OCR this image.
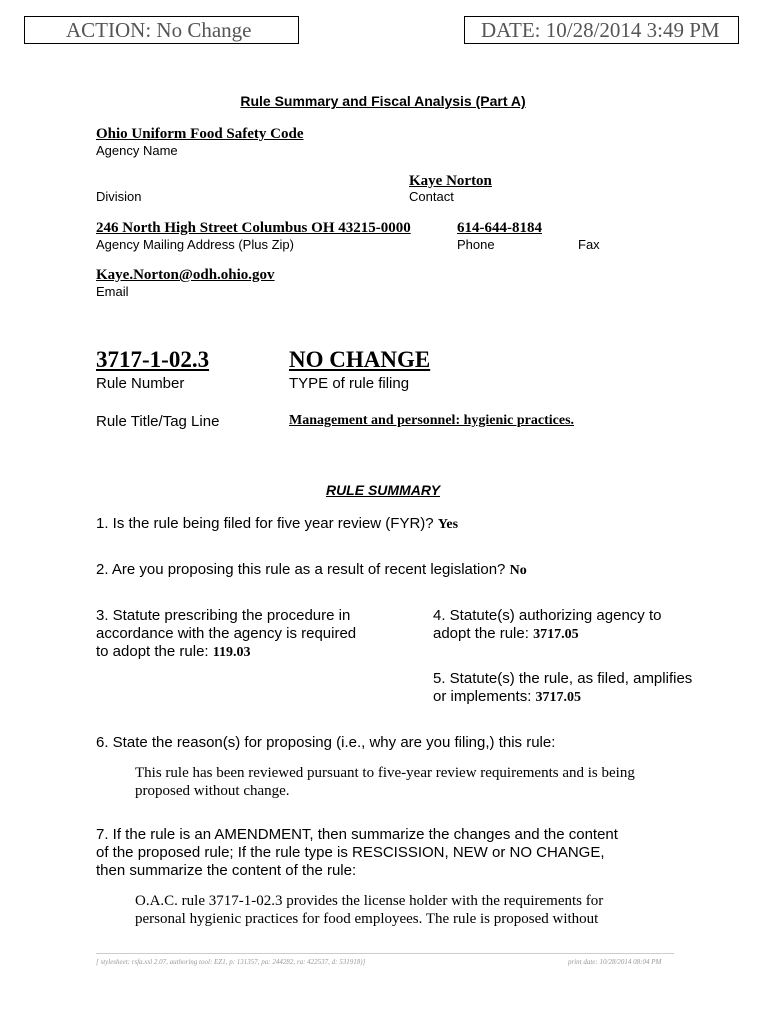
ACTION: No Change	DATE: 10/28/2014 3:49 PM
Rule Summary and Fiscal Analysis (Part A)
Ohio Uniform Food Safety Code
Agency Name
Kaye Norton
Division	Contact
246 North High Street Columbus OH 43215-0000	614-644-8184
Agency Mailing Address (Plus Zip)	Phone	Fax
Kaye.Norton@odh.ohio.gov
Email
3717-1-02.3	NO CHANGE
Rule Number	TYPE of rule filing
Rule Title/Tag Line	Management and personnel: hygienic practices.
RULE SUMMARY
1. Is the rule being filed for five year review (FYR)? Yes
2. Are you proposing this rule as a result of recent legislation? No
3. Statute prescribing the procedure in
accordance with the agency is required
to adopt the rule: 119.03
4. Statute(s) authorizing agency to
adopt the rule: 3717.05
5. Statute(s) the rule, as filed, amplifies
or implements: 3717.05
6. State the reason(s) for proposing (i.e., why are you filing,) this rule:
This rule has been reviewed pursuant to five-year review requirements and is being
proposed without change.
7. If the rule is an AMENDMENT, then summarize the changes and the content
of the proposed rule; If the rule type is RESCISSION, NEW or NO CHANGE,
then summarize the content of the rule:
O.A.C. rule 3717-1-02.3 provides the license holder with the requirements for
personal hygienic practices for food employees. The rule is proposed without
[ stylesheet: rsfa.xsl 2.07, authoring tool: EZ1, p: 131357, pa: 244282, ra: 422537, d: 531918)]	print date: 10/28/2014 08:04 PM
